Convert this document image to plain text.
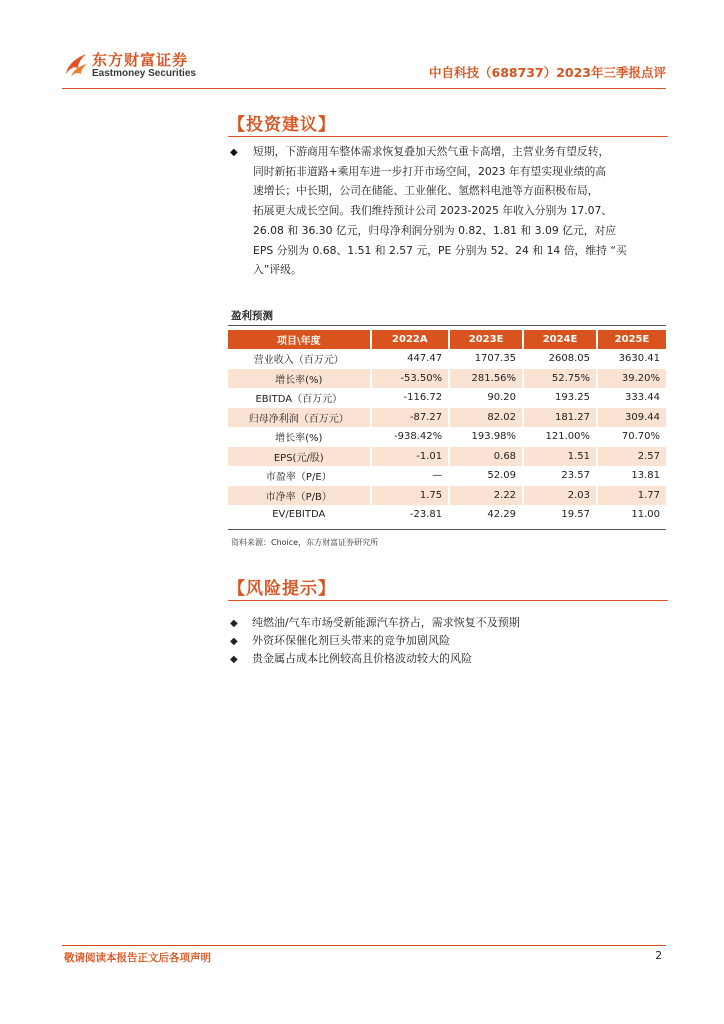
东方财富证券
Eastmoney Securities	中自科技（688737）2023年三季报点评
【投资建议】
◆ 短期，下游商用车整体需求恢复叠加天然气重卡高增，主营业务有望反转，
同时新拓非道路+乘用车进一步打开市场空间，2023 年有望实现业绩的高
速增长；中长期，公司在储能、工业催化、氢燃料电池等方面积极布局，
拓展更大成长空间。我们维持预计公司 2023-2025 年收入分别为 17.07、
26.08 和 36.30 亿元，归母净利润分别为 0.82、1.81 和 3.09 亿元，对应
EPS 分别为 0.68、1.51 和 2.57 元，PE 分别为 52、24 和 14 倍，维持 “买
入”评级。
盈利预测
项目\年度	2022A	2023E	2024E	2025E
营业收入（百万元）	447.47	1707.35	2608.05	3630.41
增长率(%)	-53.50%	281.56%	52.75%	39.20%
EBITDA（百万元）	-116.72	90.20	193.25	333.44
归母净利润（百万元）	-87.27	82.02	181.27	309.44
增长率(%)	-938.42%	193.98%	121.00%	70.70%
EPS(元/股)	-1.01	0.68	1.51	2.57
市盈率（P/E）	—	52.09	23.57	13.81
市净率（P/B）	1.75	2.22	2.03	1.77
EV/EBITDA	-23.81	42.29	19.57	11.00
资料来源：Choice，东方财富证券研究所
【风险提示】
◆ 纯燃油/气车市场受新能源汽车挤占，需求恢复不及预期
◆ 外资环保催化剂巨头带来的竞争加剧风险
◆ 贵金属占成本比例较高且价格波动较大的风险
敬请阅读本报告正文后各项声明	2
